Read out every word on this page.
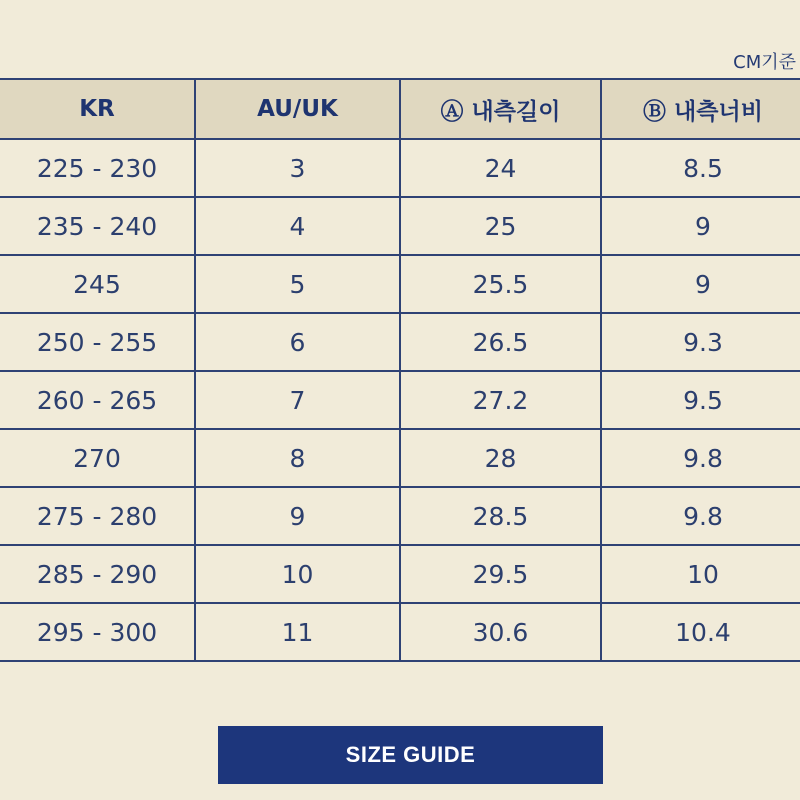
CM기준
KR	AU/UK	Ⓐ 내측길이	Ⓑ 내측너비
225 - 230	3	24	8.5
235 - 240	4	25	9
245	5	25.5	9
250 - 255	6	26.5	9.3
260 - 265	7	27.2	9.5
270	8	28	9.8
275 - 280	9	28.5	9.8
285 - 290	10	29.5	10
295 - 300	11	30.6	10.4
SIZE GUIDE
